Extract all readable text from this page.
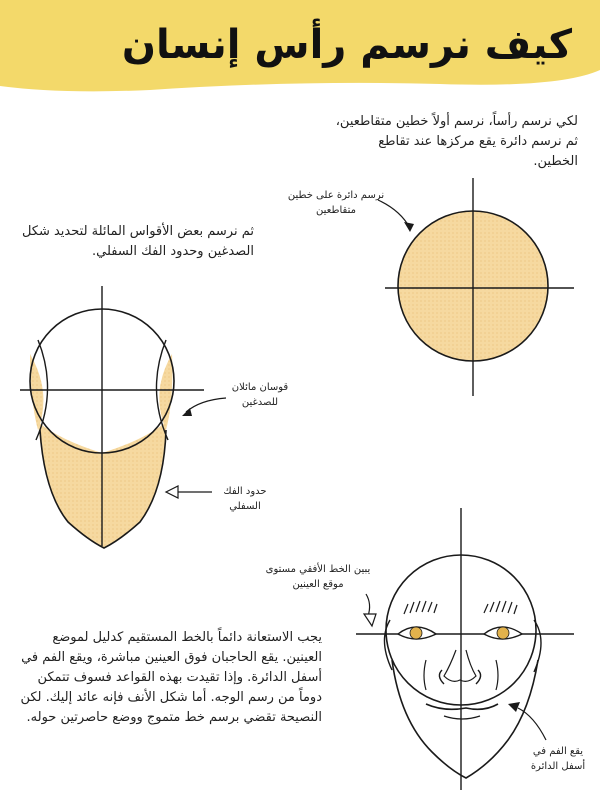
كيف نرسم رأس إنسان
لكي نرسم رأساً، نرسم أولاً خطين متقاطعين، ثم نرسم دائرة يقع مركزها عند تقاطع الخطين.
ثم نرسم بعض الأقواس المائلة لتحديد شكل الصدغين وحدود الفك السفلي.
يجب الاستعانة دائماً بالخط المستقيم كدليل لموضع العينين. يقع الحاجبان فوق العينين مباشرة، ويقع الفم في أسفل الدائرة. وإذا تقيدت بهذه القواعد فسوف تتمكن دوماً من رسم الوجه. أما شكل الأنف فإنه عائد إليك. لكن النصيحة تقضي برسم خط متموج ووضع حاصرتين حوله.
نرسم دائرة على خطين متقاطعين
قوسان مائلان للصدغين
حدود الفك السفلي
يبين الخط الأفقي مستوى موقع العينين
يقع الفم في أسفل الدائرة
